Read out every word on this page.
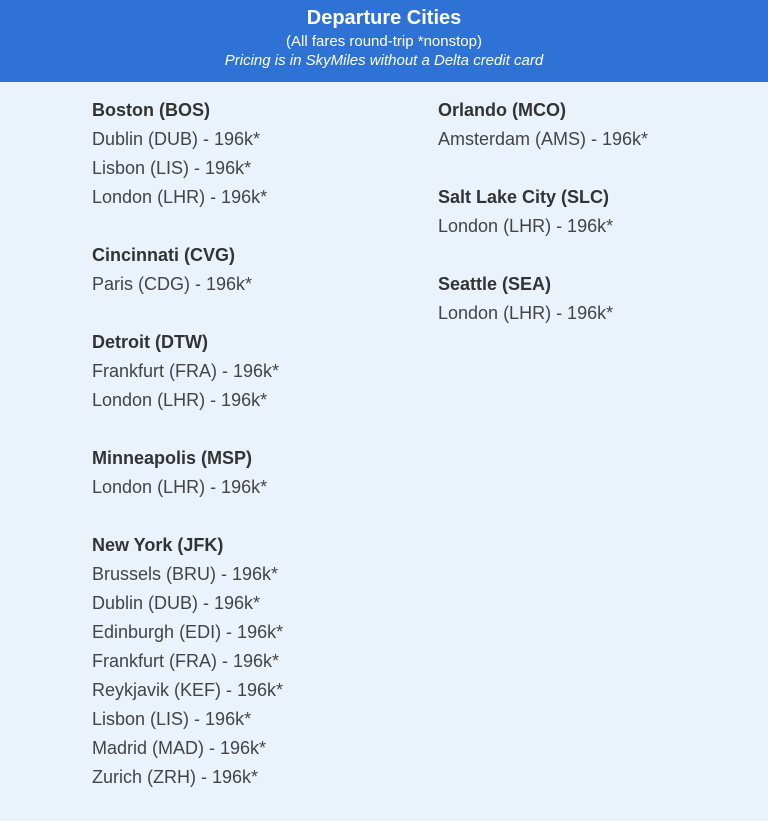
Departure Cities
(All fares round-trip *nonstop)
Pricing is in SkyMiles without a Delta credit card
Boston (BOS)
Dublin (DUB) - 196k*
Lisbon (LIS) - 196k*
London (LHR) - 196k*
Cincinnati (CVG)
Paris (CDG) - 196k*
Detroit (DTW)
Frankfurt (FRA) - 196k*
London (LHR) - 196k*
Minneapolis (MSP)
London (LHR) - 196k*
New York (JFK)
Brussels (BRU) - 196k*
Dublin (DUB) - 196k*
Edinburgh (EDI) - 196k*
Frankfurt (FRA) - 196k*
Reykjavik (KEF) - 196k*
Lisbon (LIS) - 196k*
Madrid (MAD) - 196k*
Zurich (ZRH) - 196k*
Orlando (MCO)
Amsterdam (AMS) - 196k*
Salt Lake City (SLC)
London (LHR) - 196k*
Seattle (SEA)
London (LHR) - 196k*
